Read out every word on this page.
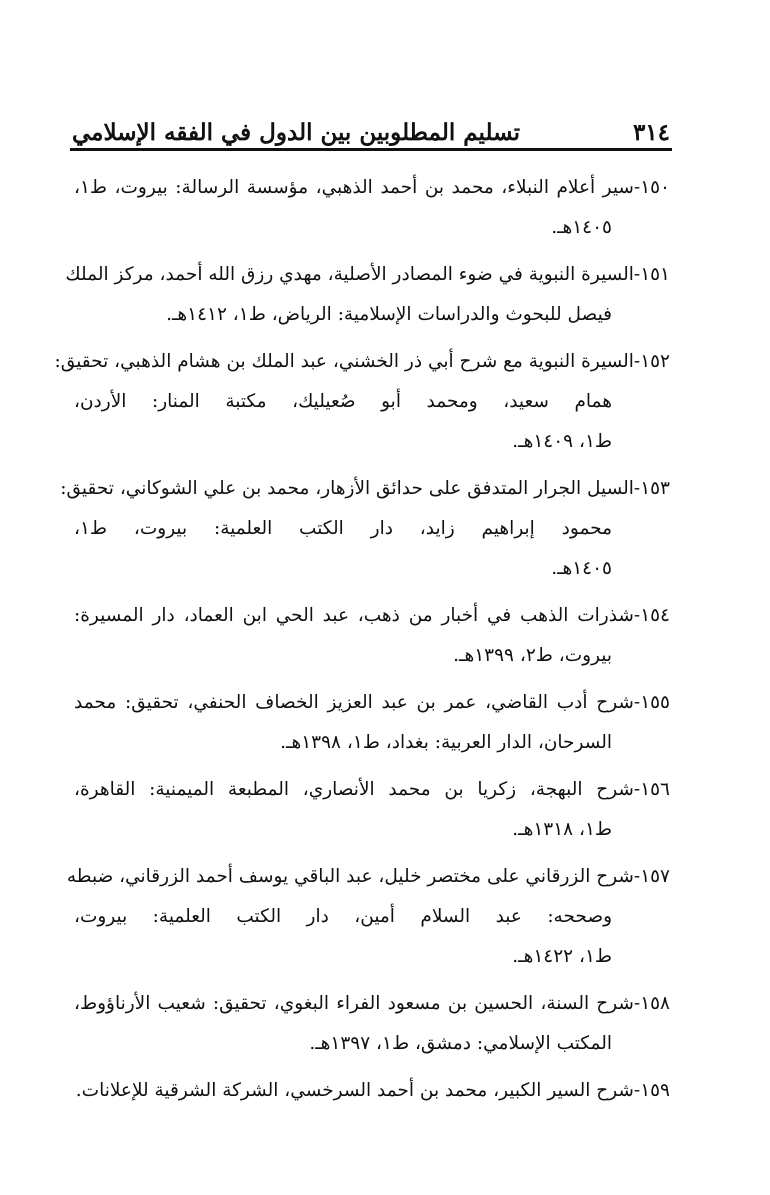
٣١٤
تسليم المطلوبين بين الدول في الفقه الإسلامي
١٥٠-سير أعلام النبلاء، محمد بن أحمد الذهبي، مؤسسة الرسالة: بيروت، ط١،
١٤٠٥هـ.
١٥١-السيرة النبوية في ضوء المصادر الأصلية، مهدي رزق الله أحمد، مركز الملك
فيصل للبحوث والدراسات الإسلامية: الرياض، ط١، ١٤١٢هـ.
١٥٢-السيرة النبوية مع شرح أبي ذر الخشني، عبد الملك بن هشام الذهبي، تحقيق:
همام سعيد، ومحمد أبو صُعيليك، مكتبة المنار: الأردن،
ط١، ١٤٠٩هـ.
١٥٣-السيل الجرار المتدفق على حدائق الأزهار، محمد بن علي الشوكاني، تحقيق:
محمود إبراهيم زايد، دار الكتب العلمية: بيروت، ط١،
١٤٠٥هـ.
١٥٤-شذرات الذهب في أخبار من ذهب، عبد الحي ابن العماد، دار المسيرة:
بيروت، ط٢، ١٣٩٩هـ.
١٥٥-شرح أدب القاضي، عمر بن عبد العزيز الخصاف الحنفي، تحقيق: محمد
السرحان، الدار العربية: بغداد، ط١، ١٣٩٨هـ.
١٥٦-شرح البهجة، زكريا بن محمد الأنصاري، المطبعة الميمنية: القاهرة،
ط١، ١٣١٨هـ.
١٥٧-شرح الزرقاني على مختصر خليل، عبد الباقي يوسف أحمد الزرقاني، ضبطه
وصححه: عبد السلام أمين، دار الكتب العلمية: بيروت،
ط١، ١٤٢٢هـ.
١٥٨-شرح السنة، الحسين بن مسعود الفراء البغوي، تحقيق: شعيب الأرناؤوط،
المكتب الإسلامي: دمشق، ط١، ١٣٩٧هـ.
١٥٩-شرح السير الكبير، محمد بن أحمد السرخسي، الشركة الشرقية للإعلانات.
